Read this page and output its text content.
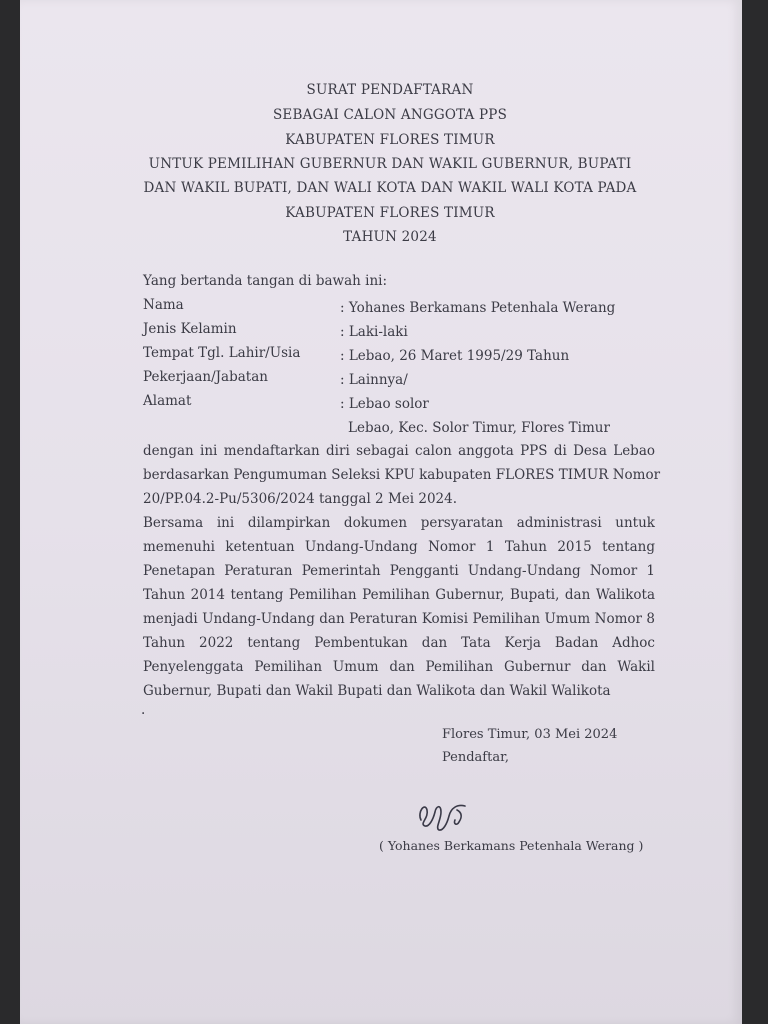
SURAT PENDAFTARAN
SEBAGAI CALON ANGGOTA PPS
KABUPATEN FLORES TIMUR
UNTUK PEMILIHAN GUBERNUR DAN WAKIL GUBERNUR, BUPATI
DAN WAKIL BUPATI, DAN WALI KOTA DAN WAKIL WALI KOTA PADA
KABUPATEN FLORES TIMUR
TAHUN 2024
Yang bertanda tangan di bawah ini:
Nama	: Yohanes Berkamans Petenhala Werang
Jenis Kelamin	: Laki-laki
Tempat Tgl. Lahir/Usia	: Lebao, 26 Maret 1995/29 Tahun
Pekerjaan/Jabatan	: Lainnya/
Alamat	: Lebao solor
Lebao, Kec. Solor Timur, Flores Timur
dengan ini mendaftarkan diri sebagai calon anggota PPS di Desa Lebao
berdasarkan Pengumuman Seleksi KPU kabupaten FLORES TIMUR Nomor
20/PP.04.2-Pu/5306/2024 tanggal 2 Mei 2024.
Bersama ini dilampirkan dokumen persyaratan administrasi untuk
memenuhi ketentuan Undang-Undang Nomor 1 Tahun 2015 tentang
Penetapan Peraturan Pemerintah Pengganti Undang-Undang Nomor 1
Tahun 2014 tentang Pemilihan Pemilihan Gubernur, Bupati, dan Walikota
menjadi Undang-Undang dan Peraturan Komisi Pemilihan Umum Nomor 8
Tahun 2022 tentang Pembentukan dan Tata Kerja Badan Adhoc
Penyelenggata Pemilihan Umum dan Pemilihan Gubernur dan Wakil
Gubernur, Bupati dan Wakil Bupati dan Walikota dan Wakil Walikota
.
Flores Timur, 03 Mei 2024
Pendaftar,
( Yohanes Berkamans Petenhala Werang )
